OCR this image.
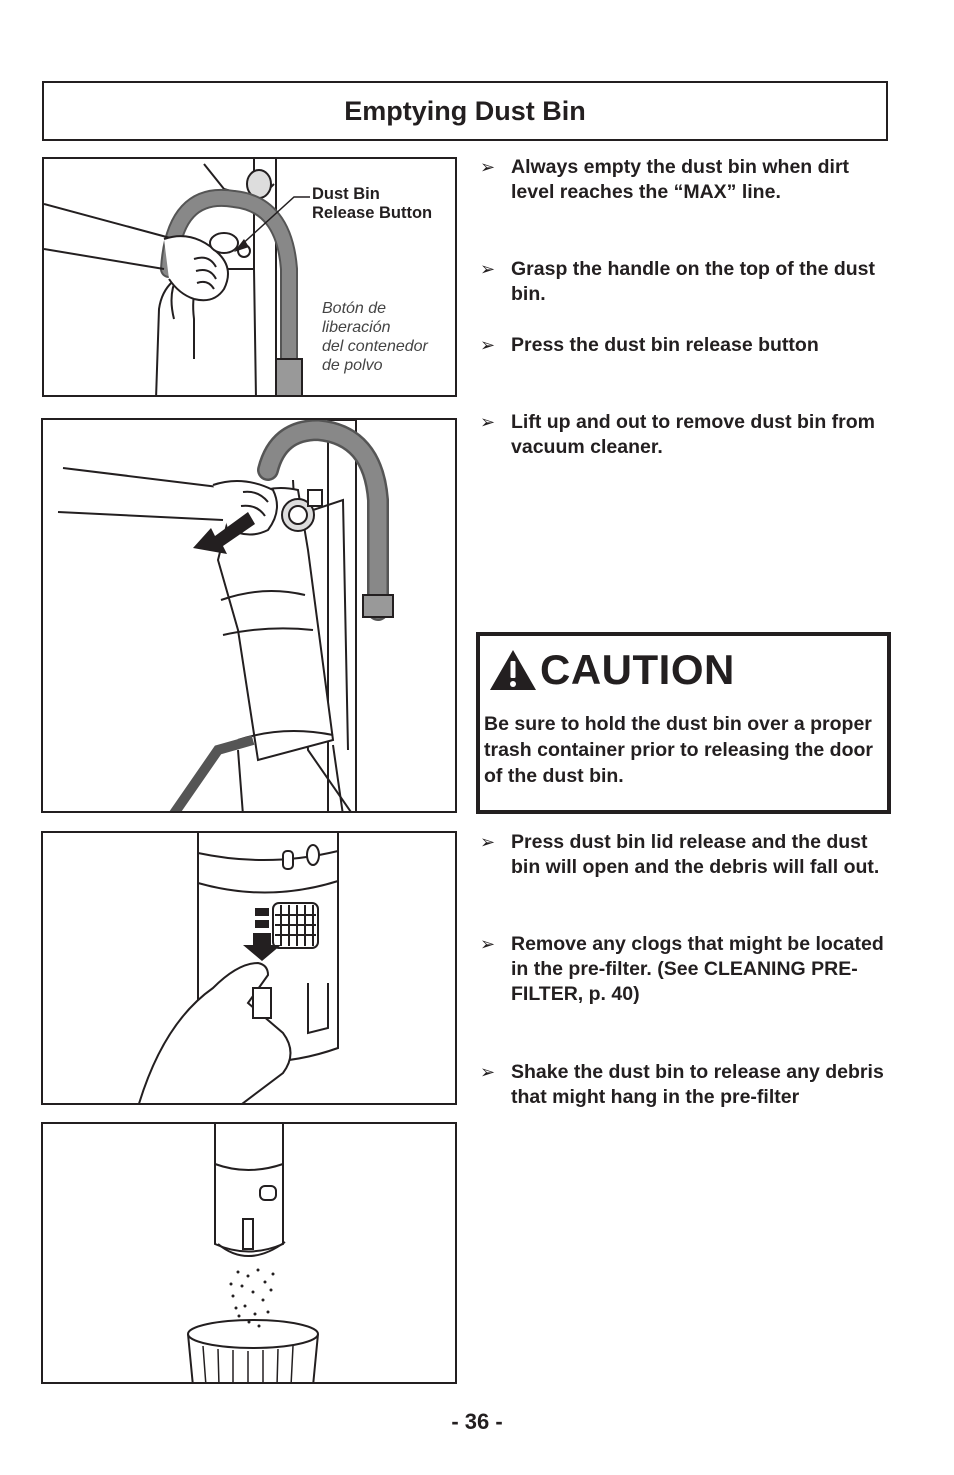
Emptying Dust Bin
Dust Bin
Release Button
Botón de
liberación
del contenedor
de polvo
➢ Always empty the dust bin when dirt level reaches the “MAX” line.
➢ Grasp the handle on the top of the dust bin.
➢ Press the dust bin release button
➢ Lift up and out to remove dust bin from vacuum cleaner.
CAUTION
Be sure to hold the dust bin over a proper trash container prior to releasing the door of the dust bin.
➢ Press dust bin lid release and the dust bin will open and the debris will fall out.
➢ Remove any clogs that might be located in the pre-filter. (See CLEANING PRE-FILTER, p. 40)
➢ Shake the dust bin to release any debris that might hang in the pre-filter
- 36 -
